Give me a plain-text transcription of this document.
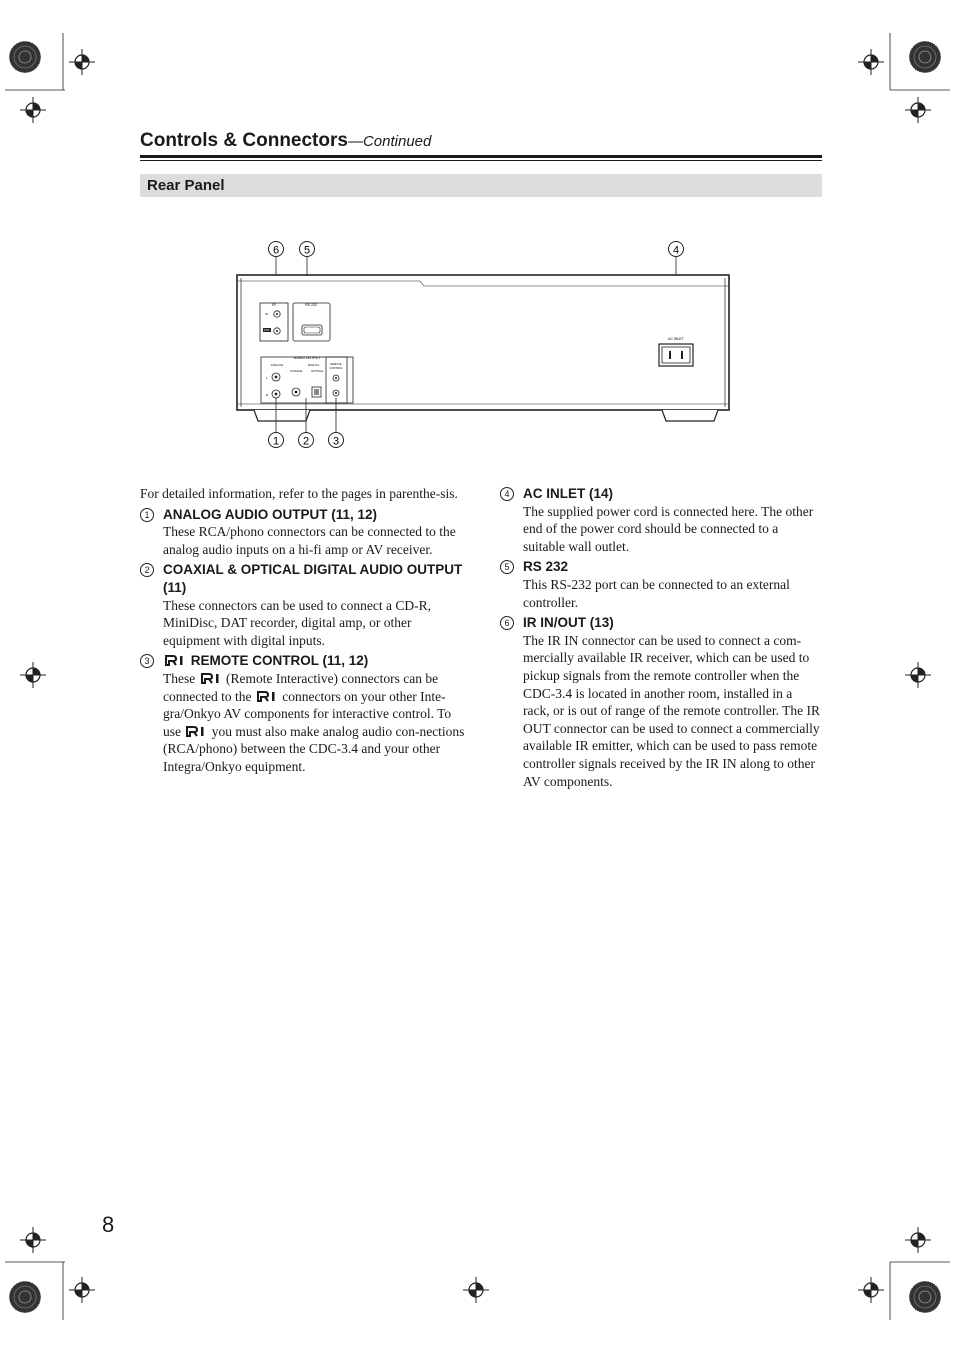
Controls & Connectors—Continued
Rear Panel
6 5	4
IR
IN
OUT
RS 232
AUDIO OUTPUT
ANALOG	DIGITAL
COAXIAL	OPTICAL
L
R
REMOTE
CONTROL
AC INLET
1 2 3

For detailed information, refer to the pages in parenthe-sis.

1	ANALOG AUDIO OUTPUT (11, 12)
These RCA/phono connectors can be connected to the analog audio inputs on a hi-fi amp or AV receiver.
2	COAXIAL & OPTICAL DIGITAL AUDIO OUTPUT (11)
These connectors can be used to connect a CD-R, MiniDisc, DAT recorder, digital amp, or other equipment with digital inputs.
3	REMOTE CONTROL (11, 12)
These (Remote Interactive) connectors can be connected to the connectors on your other Inte-gra/Onkyo AV components for interactive control. To use you must also make analog audio con-nections (RCA/phono) between the CDC-3.4 and your other Integra/Onkyo equipment.
4	AC INLET (14)
The supplied power cord is connected here. The other end of the power cord should be connected to a suitable wall outlet.
5	RS 232
This RS-232 port can be connected to an external controller.
6	IR IN/OUT (13)
The IR IN connector can be used to connect a com-mercially available IR receiver, which can be used to pickup signals from the remote controller when the CDC-3.4 is located in another room, installed in a rack, or is out of range of the remote controller. The IR OUT connector can be used to connect a commercially available IR emitter, which can be used to pass remote controller signals received by the IR IN along to other AV components.
8
